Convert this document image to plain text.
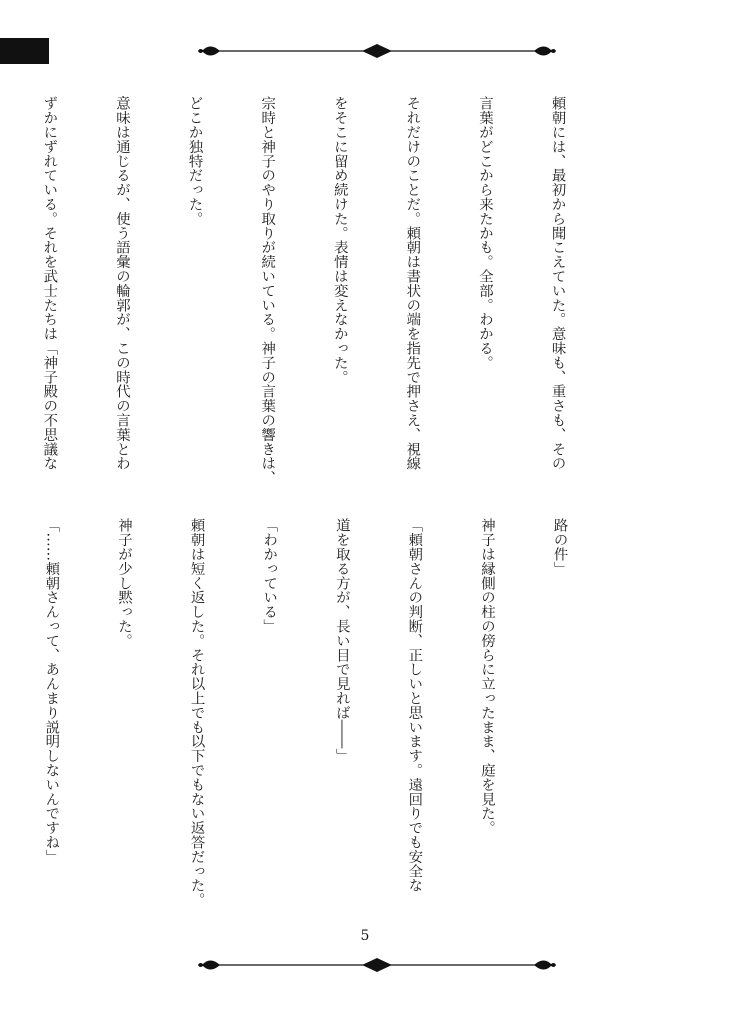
頼朝には、最初から聞こえていた。意味も、重さも、その

言葉がどこから来たかも。全部。わかる。

それだけのことだ。頼朝は書状の端を指先で押さえ、視線

をそこに留め続けた。表情は変えなかった。

宗時と神子のやり取りが続いている。神子の言葉の響きは、

どこか独特だった。

意味は通じるが、使う語彙の輪郭が、この時代の言葉とわ

ずかにずれている。それを武士たちは「神子殿の不思議な

路の件」

神子は縁側の柱の傍らに立ったまま、庭を見た。

「頼朝さんの判断、正しいと思います。遠回りでも安全な

道を取る方が、長い目で見れば――」

「わかっている」

頼朝は短く返した。それ以上でも以下でもない返答だった。

神子が少し黙った。

「……頼朝さんって、あんまり説明しないんですね」

5
